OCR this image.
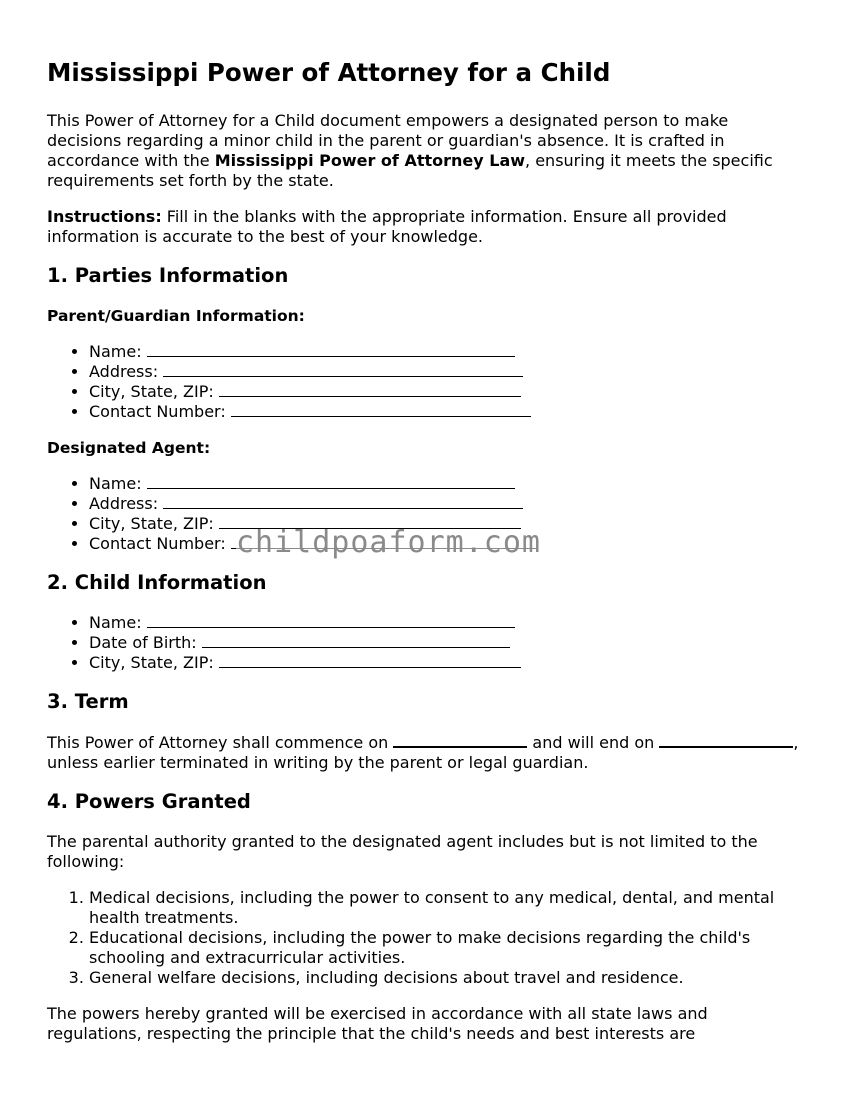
Mississippi Power of Attorney for a Child

This Power of Attorney for a Child document empowers a designated person to make decisions regarding a minor child in the parent or guardian's absence. It is crafted in accordance with the Mississippi Power of Attorney Law, ensuring it meets the specific requirements set forth by the state.

Instructions: Fill in the blanks with the appropriate information. Ensure all provided information is accurate to the best of your knowledge.

1. Parties Information
Parent/Guardian Information:
• Name:
• Address:
• City, State, ZIP:
• Contact Number:
Designated Agent:
• Name:
• Address:
• City, State, ZIP:
• Contact Number:
2. Child Information
• Name:
• Date of Birth:
• City, State, ZIP:
3. Term

This Power of Attorney shall commence on	and will end on	, unless earlier terminated in writing by the parent or legal guardian.

4. Powers Granted

The parental authority granted to the designated agent includes but is not limited to the following:

1. Medical decisions, including the power to consent to any medical, dental, and mental health treatments.
2. Educational decisions, including the power to make decisions regarding the child's schooling and extracurricular activities.
3. General welfare decisions, including decisions about travel and residence.

The powers hereby granted will be exercised in accordance with all state laws and regulations, respecting the principle that the child's needs and best interests are

childpoaform.com
